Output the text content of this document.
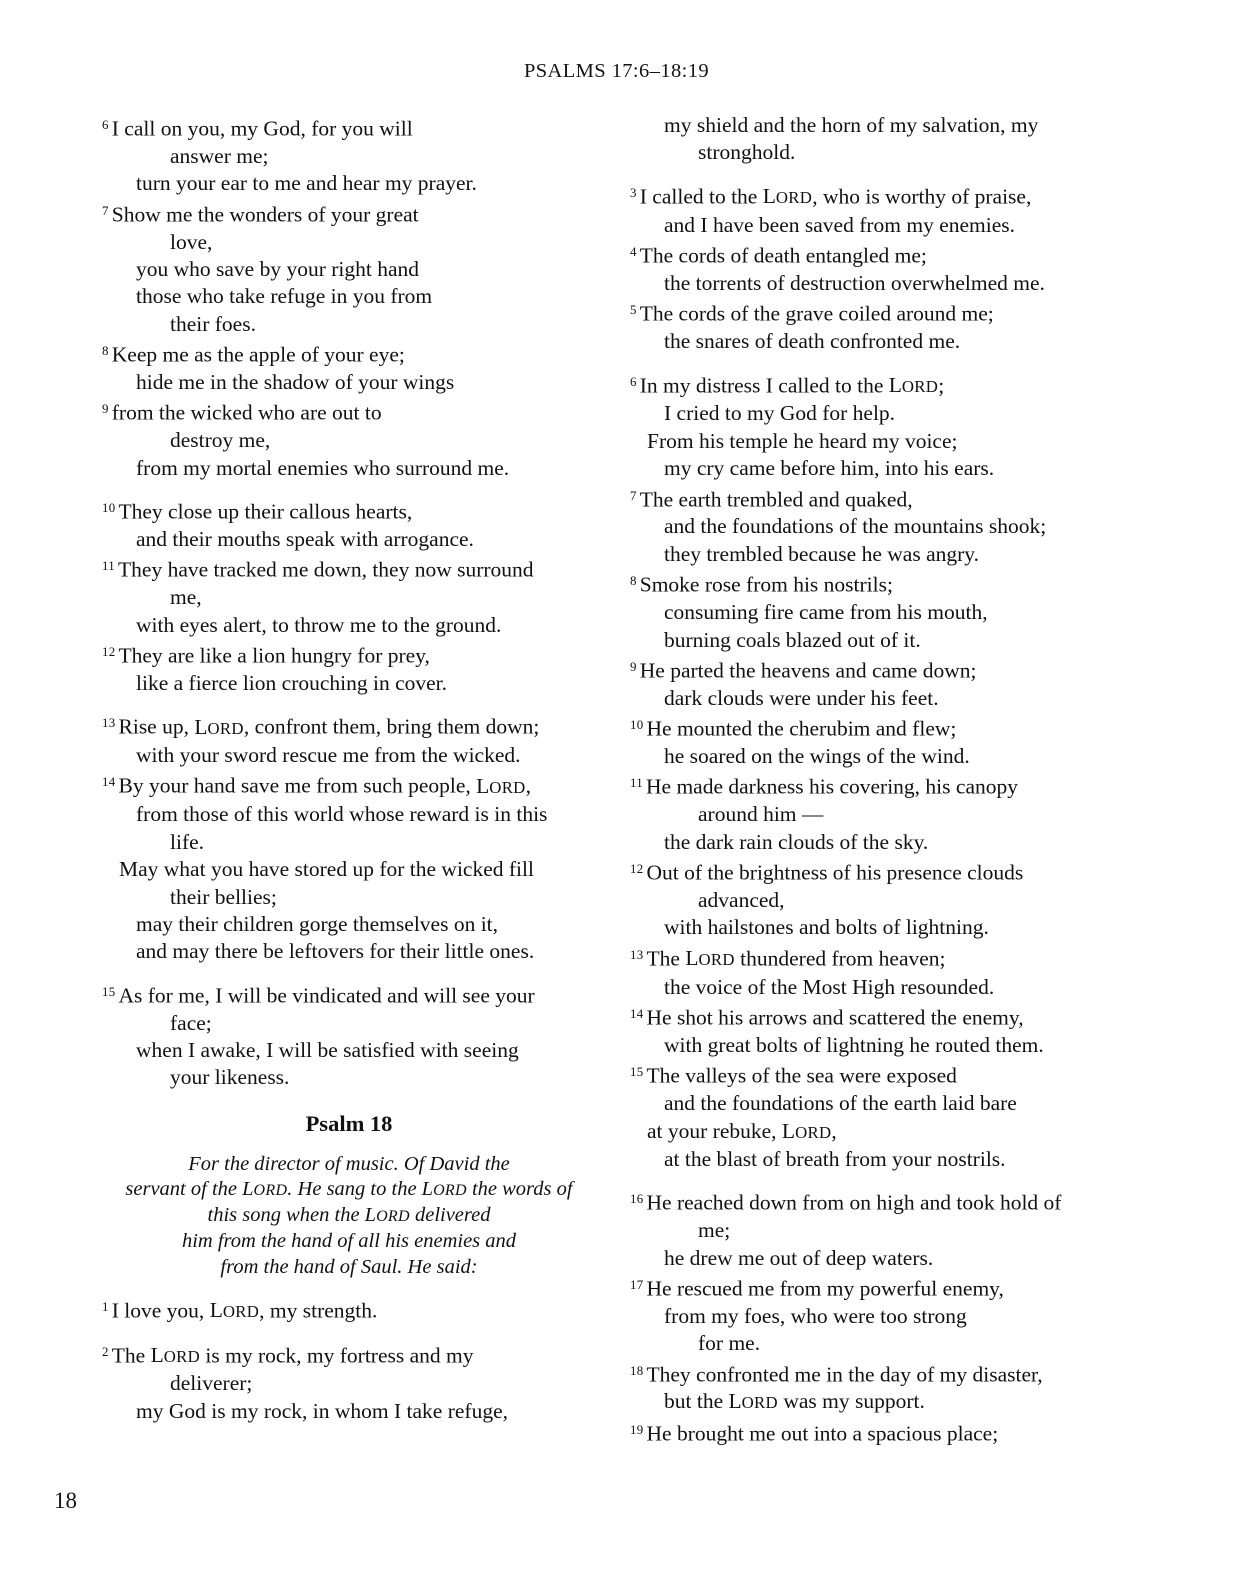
PSALMS 17:6–18:19
$^6$ I call on you, my God, for you will
answer me;
turn your ear to me and hear my prayer.
$^7$ Show me the wonders of your great
love,
you who save by your right hand
those who take refuge in you from
their foes.
$^8$ Keep me as the apple of your eye;
hide me in the shadow of your wings
$^9$ from the wicked who are out to
destroy me,
from my mortal enemies who surround me.
$^{10}$ They close up their callous hearts,
and their mouths speak with arrogance.
$^{11}$ They have tracked me down, they now surround
me,
with eyes alert, to throw me to the ground.
$^{12}$ They are like a lion hungry for prey,
like a fierce lion crouching in cover.
$^{13}$ Rise up, LORD, confront them, bring them down;
with your sword rescue me from the wicked.
$^{14}$ By your hand save me from such people, LORD,
from those of this world whose reward is in this
life.
May what you have stored up for the wicked fill
their bellies;
may their children gorge themselves on it,
and may there be leftovers for their little ones.
$^{15}$ As for me, I will be vindicated and will see your
face;
when I awake, I will be satisfied with seeing
your likeness.
Psalm 18
For the director of music. Of David the
servant of the LORD. He sang to the LORD the words of
this song when the LORD delivered
him from the hand of all his enemies and
from the hand of Saul. He said:
$^1$ I love you, LORD, my strength.
$^2$ The LORD is my rock, my fortress and my
deliverer;
my God is my rock, in whom I take refuge,
my shield and the horn of my salvation, my
stronghold.
$^3$ I called to the LORD, who is worthy of praise,
and I have been saved from my enemies.
$^4$ The cords of death entangled me;
the torrents of destruction overwhelmed me.
$^5$ The cords of the grave coiled around me;
the snares of death confronted me.
$^6$ In my distress I called to the LORD;
I cried to my God for help.
From his temple he heard my voice;
my cry came before him, into his ears.
$^7$ The earth trembled and quaked,
and the foundations of the mountains shook;
they trembled because he was angry.
$^8$ Smoke rose from his nostrils;
consuming fire came from his mouth,
burning coals blazed out of it.
$^9$ He parted the heavens and came down;
dark clouds were under his feet.
$^{10}$ He mounted the cherubim and flew;
he soared on the wings of the wind.
$^{11}$ He made darkness his covering, his canopy
around him —
the dark rain clouds of the sky.
$^{12}$ Out of the brightness of his presence clouds
advanced,
with hailstones and bolts of lightning.
$^{13}$ The LORD thundered from heaven;
the voice of the Most High resounded.
$^{14}$ He shot his arrows and scattered the enemy,
with great bolts of lightning he routed them.
$^{15}$ The valleys of the sea were exposed
and the foundations of the earth laid bare
at your rebuke, LORD,
at the blast of breath from your nostrils.
$^{16}$ He reached down from on high and took hold of
me;
he drew me out of deep waters.
$^{17}$ He rescued me from my powerful enemy,
from my foes, who were too strong
for me.
$^{18}$ They confronted me in the day of my disaster,
but the LORD was my support.
$^{19}$ He brought me out into a spacious place;
18
